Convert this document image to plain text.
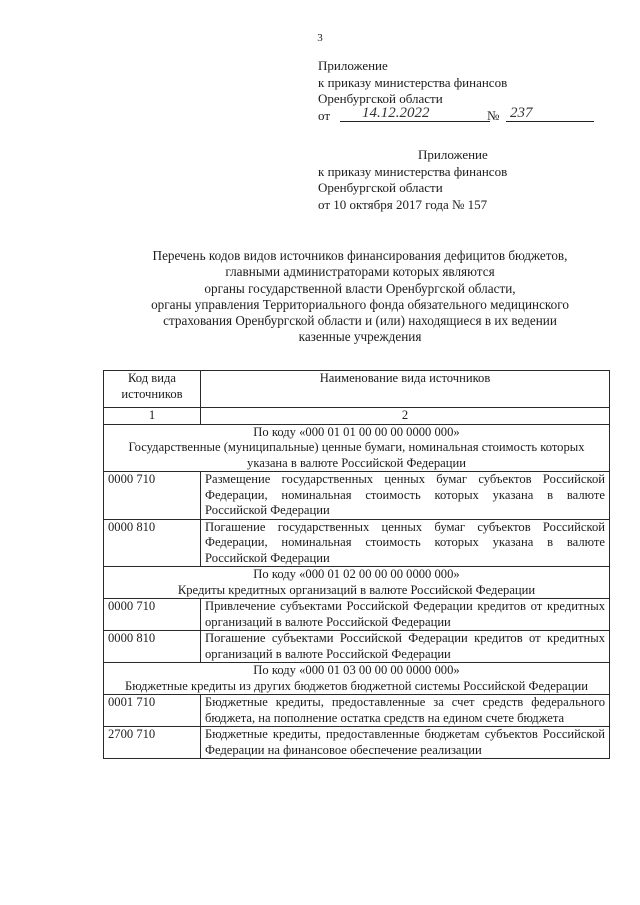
3
Приложение
к приказу министерства финансов
Оренбургской области
от	14.12.2022	№ 237
Приложение
к приказу министерства финансов
Оренбургской области
от 10 октября 2017 года № 157
Перечень кодов видов источников финансирования дефицитов бюджетов,
главными администраторами которых являются
органы государственной власти Оренбургской области,
органы управления Территориального фонда обязательного медицинского
страхования Оренбургской области и (или) находящиеся в их ведении
казенные учреждения
Код вида источников	Наименование вида источников
1	2

По коду «000 01 01 00 00 00 0000 000»
Государственные (муниципальные) ценные бумаги, номинальная стоимость которых указана в валюте Российской Федерации	

0000 710	Размещение государственных ценных бумаг субъектов Российской Федерации, номинальная стоимость которых указана в валюте Российской Федерации
0000 810	Погашение государственных ценных бумаг субъектов Российской Федерации, номинальная стоимость которых указана в валюте Российской Федерации

По коду «000 01 02 00 00 00 0000 000»
Кредиты кредитных организаций в валюте Российской Федерации	

0000 710	Привлечение субъектами Российской Федерации кредитов от кредитных организаций в валюте Российской Федерации
0000 810	Погашение субъектами Российской Федерации кредитов от кредитных организаций в валюте Российской Федерации

По коду «000 01 03 00 00 00 0000 000»
Бюджетные кредиты из других бюджетов бюджетной системы Российской Федерации	

0001 710	Бюджетные кредиты, предоставленные за счет средств федерального бюджета, на пополнение остатка средств на едином счете бюджета
2700 710	Бюджетные кредиты, предоставленные бюджетам субъектов Российской Федерации на финансовое обеспечение реализации
